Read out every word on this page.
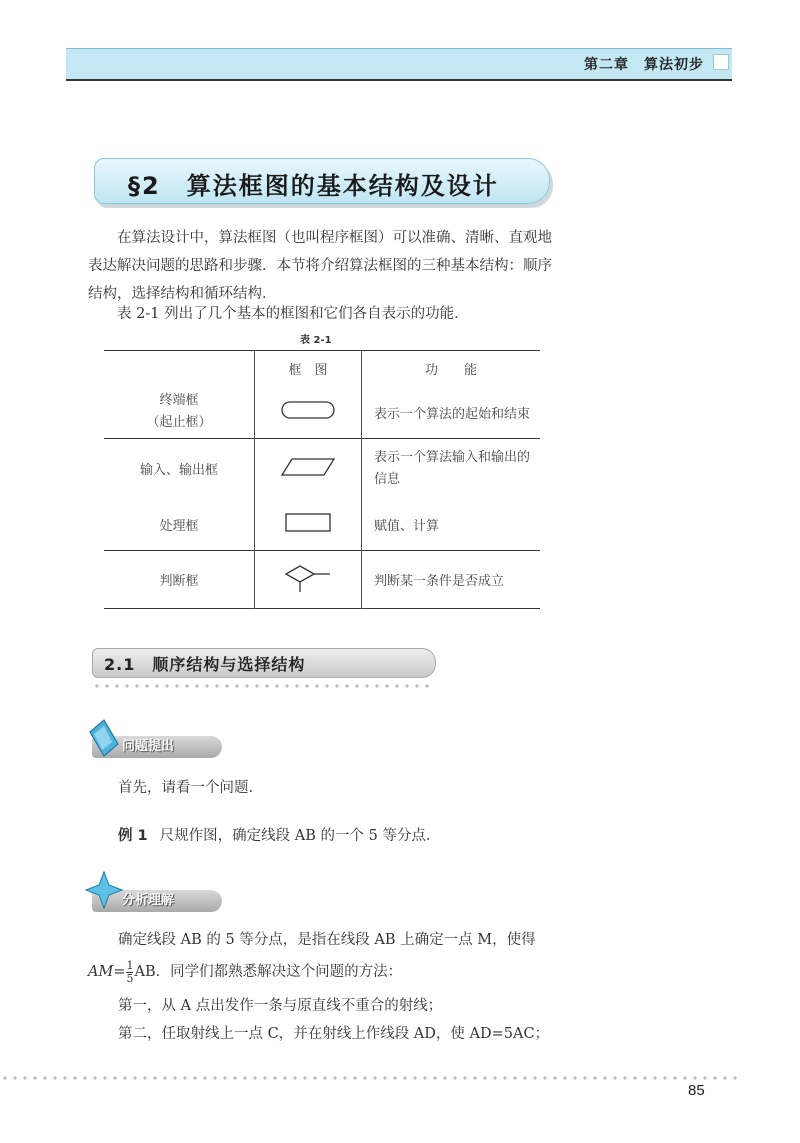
第二章　算法初步
§2　算法框图的基本结构及设计
在算法设计中，算法框图（也叫程序框图）可以准确、清晰、直观地表达解决问题的思路和步骤．本节将介绍算法框图的三种基本结构：顺序结构，选择结构和循环结构．
表 2-1 列出了几个基本的框图和它们各自表示的功能．
表 2-1
	框　图	功　　能

终端框
（起止框）		表示一个算法的起始和结束
输入、输出框		表示一个算法输入和输出的信息
处理框		赋值、计算
判断框		判断某一条件是否成立
2.1　顺序结构与选择结构
问题提出
首先，请看一个问题．
例 1 尺规作图，确定线段 AB 的一个 5 等分点．
分析理解
确定线段 AB 的 5 等分点，是指在线段 AB 上确定一点 M，使得
$AM= \frac{1}{5}$ AB．同学们都熟悉解决这个问题的方法：
第一，从 A 点出发作一条与原直线不重合的射线；
第二，任取射线上一点 C，并在射线上作线段 AD，使 AD=5AC；
85
